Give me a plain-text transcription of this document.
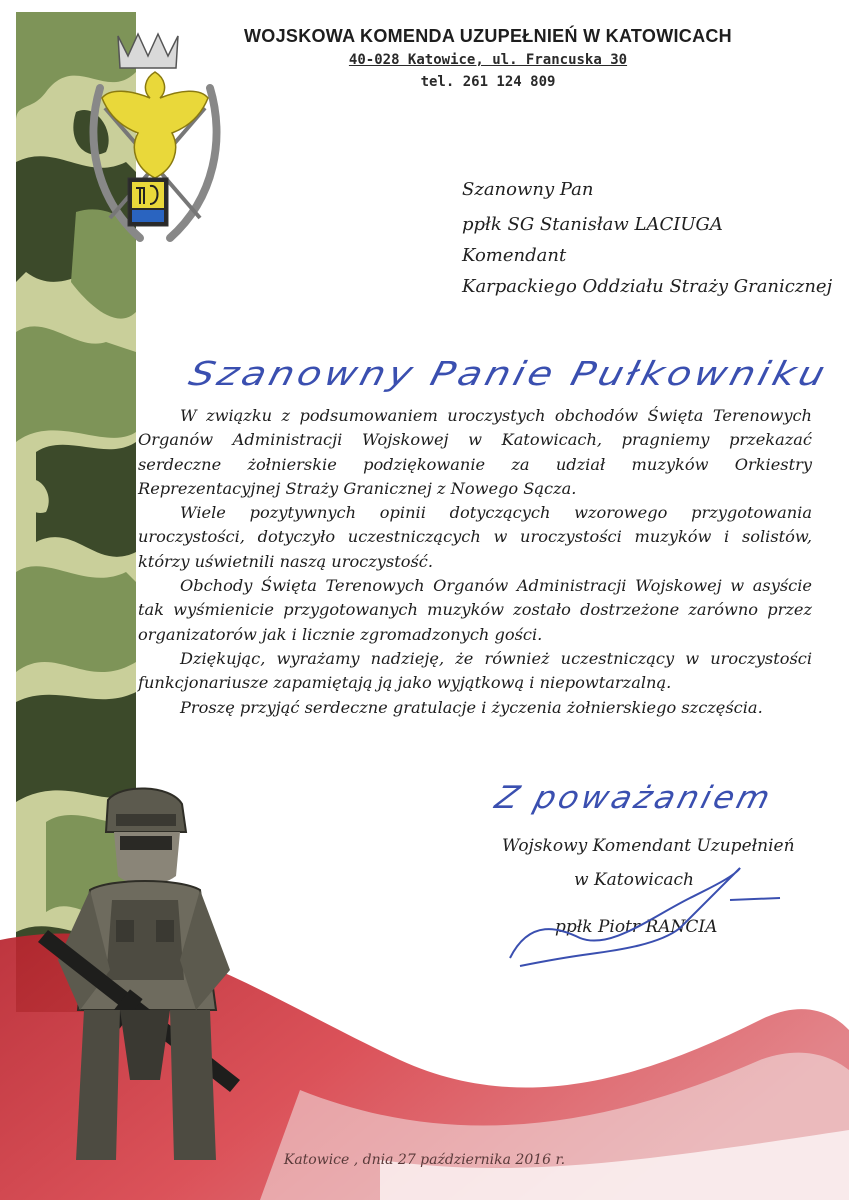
WOJSKOWA KOMENDA UZUPEŁNIEŃ W KATOWICACH
40-028 Katowice, ul. Francuska 30
tel. 261 124 809
Szanowny Pan
ppłk SG Stanisław LACIUGA
Komendant
Karpackiego Oddziału Straży Granicznej
Szanowny Panie Pułkowniku

W związku z podsumowaniem uroczystych obchodów Święta Terenowych Organów Administracji Wojskowej w Katowicach, pragniemy przekazać serdeczne żołnierskie podziękowanie za udział muzyków Orkiestry Reprezentacyjnej Straży Granicznej z Nowego Sącza.

Wiele pozytywnych opinii dotyczących wzorowego przygotowania uroczystości, dotyczyło uczestniczących w uroczystości muzyków i solistów, którzy uświetnili naszą uroczystość.

Obchody Święta Terenowych Organów Administracji Wojskowej w asyście tak wyśmienicie przygotowanych muzyków zostało dostrzeżone zarówno przez organizatorów jak i licznie zgromadzonych gości.

Dziękując, wyrażamy nadzieję, że również uczestniczący w uroczystości funkcjonariusze zapamiętają ją jako wyjątkową i niepowtarzalną.

Proszę przyjąć serdeczne gratulacje i życzenia żołnierskiego szczęścia.

Z poważaniem
Wojskowy Komendant Uzupełnień
w Katowicach
ppłk Piotr RANCIA
Katowice , dnia 27 października 2016 r.
